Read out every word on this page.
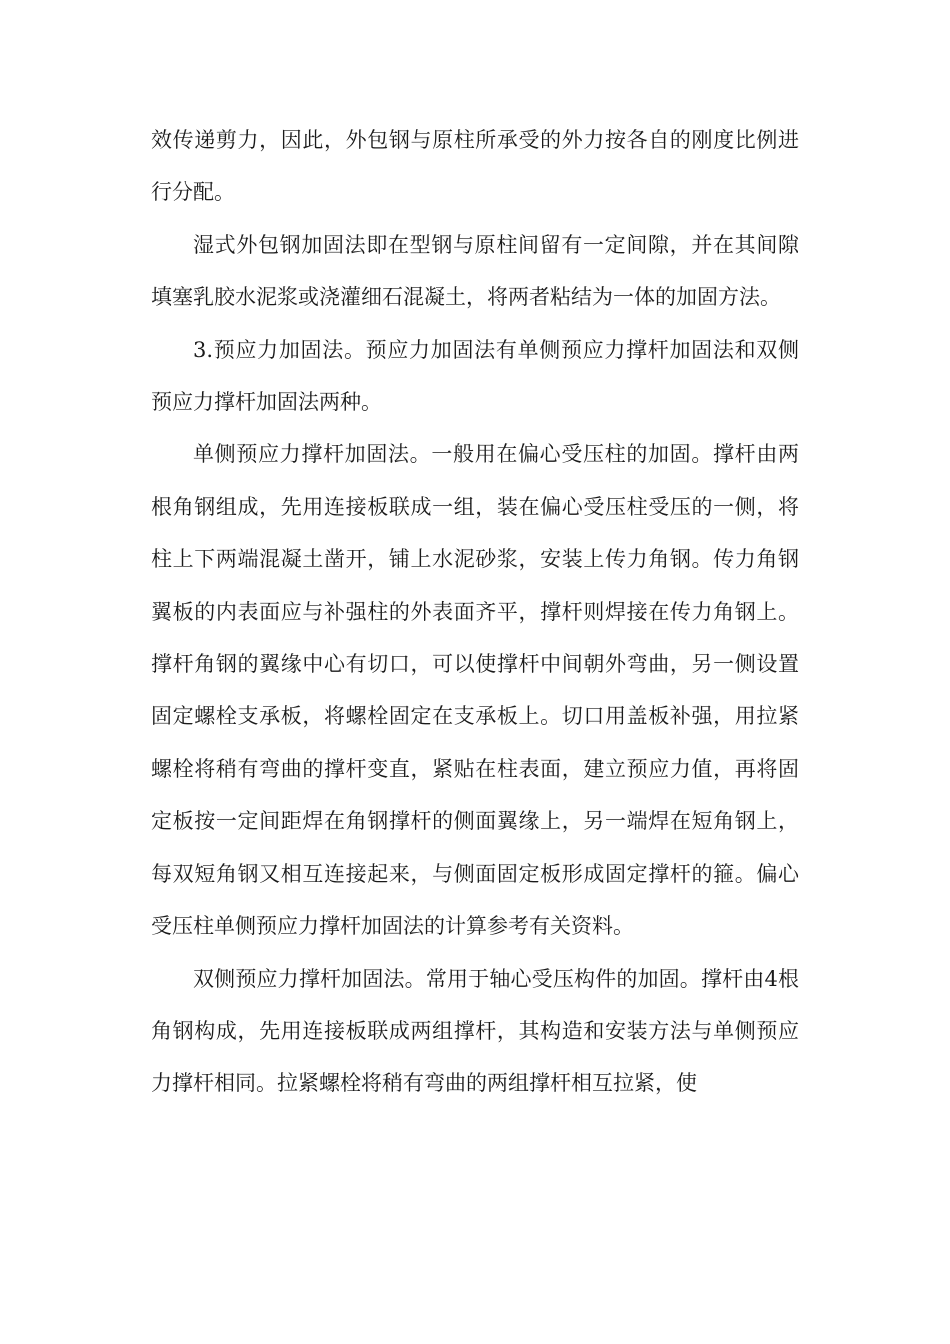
效传递剪力，因此，外包钢与原柱所承受的外力按各自的刚度比例进行分配。

湿式外包钢加固法即在型钢与原柱间留有一定间隙，并在其间隙填塞乳胶水泥浆或浇灌细石混凝土，将两者粘结为一体的加固方法。

3.预应力加固法。预应力加固法有单侧预应力撑杆加固法和双侧预应力撑杆加固法两种。

单侧预应力撑杆加固法。一般用在偏心受压柱的加固。撑杆由两根角钢组成，先用连接板联成一组，装在偏心受压柱受压的一侧，将柱上下两端混凝土凿开，铺上水泥砂浆，安装上传力角钢。传力角钢翼板的内表面应与补强柱的外表面齐平，撑杆则焊接在传力角钢上。撑杆角钢的翼缘中心有切口，可以使撑杆中间朝外弯曲，另一侧设置固定螺栓支承板，将螺栓固定在支承板上。切口用盖板补强，用拉紧螺栓将稍有弯曲的撑杆变直，紧贴在柱表面，建立预应力值，再将固定板按一定间距焊在角钢撑杆的侧面翼缘上，另一端焊在短角钢上，每双短角钢又相互连接起来，与侧面固定板形成固定撑杆的箍。偏心受压柱单侧预应力撑杆加固法的计算参考有关资料。

双侧预应力撑杆加固法。常用于轴心受压构件的加固。撑杆由4根角钢构成，先用连接板联成两组撑杆，其构造和安装方法与单侧预应力撑杆相同。拉紧螺栓将稍有弯曲的两组撑杆相互拉紧，使
